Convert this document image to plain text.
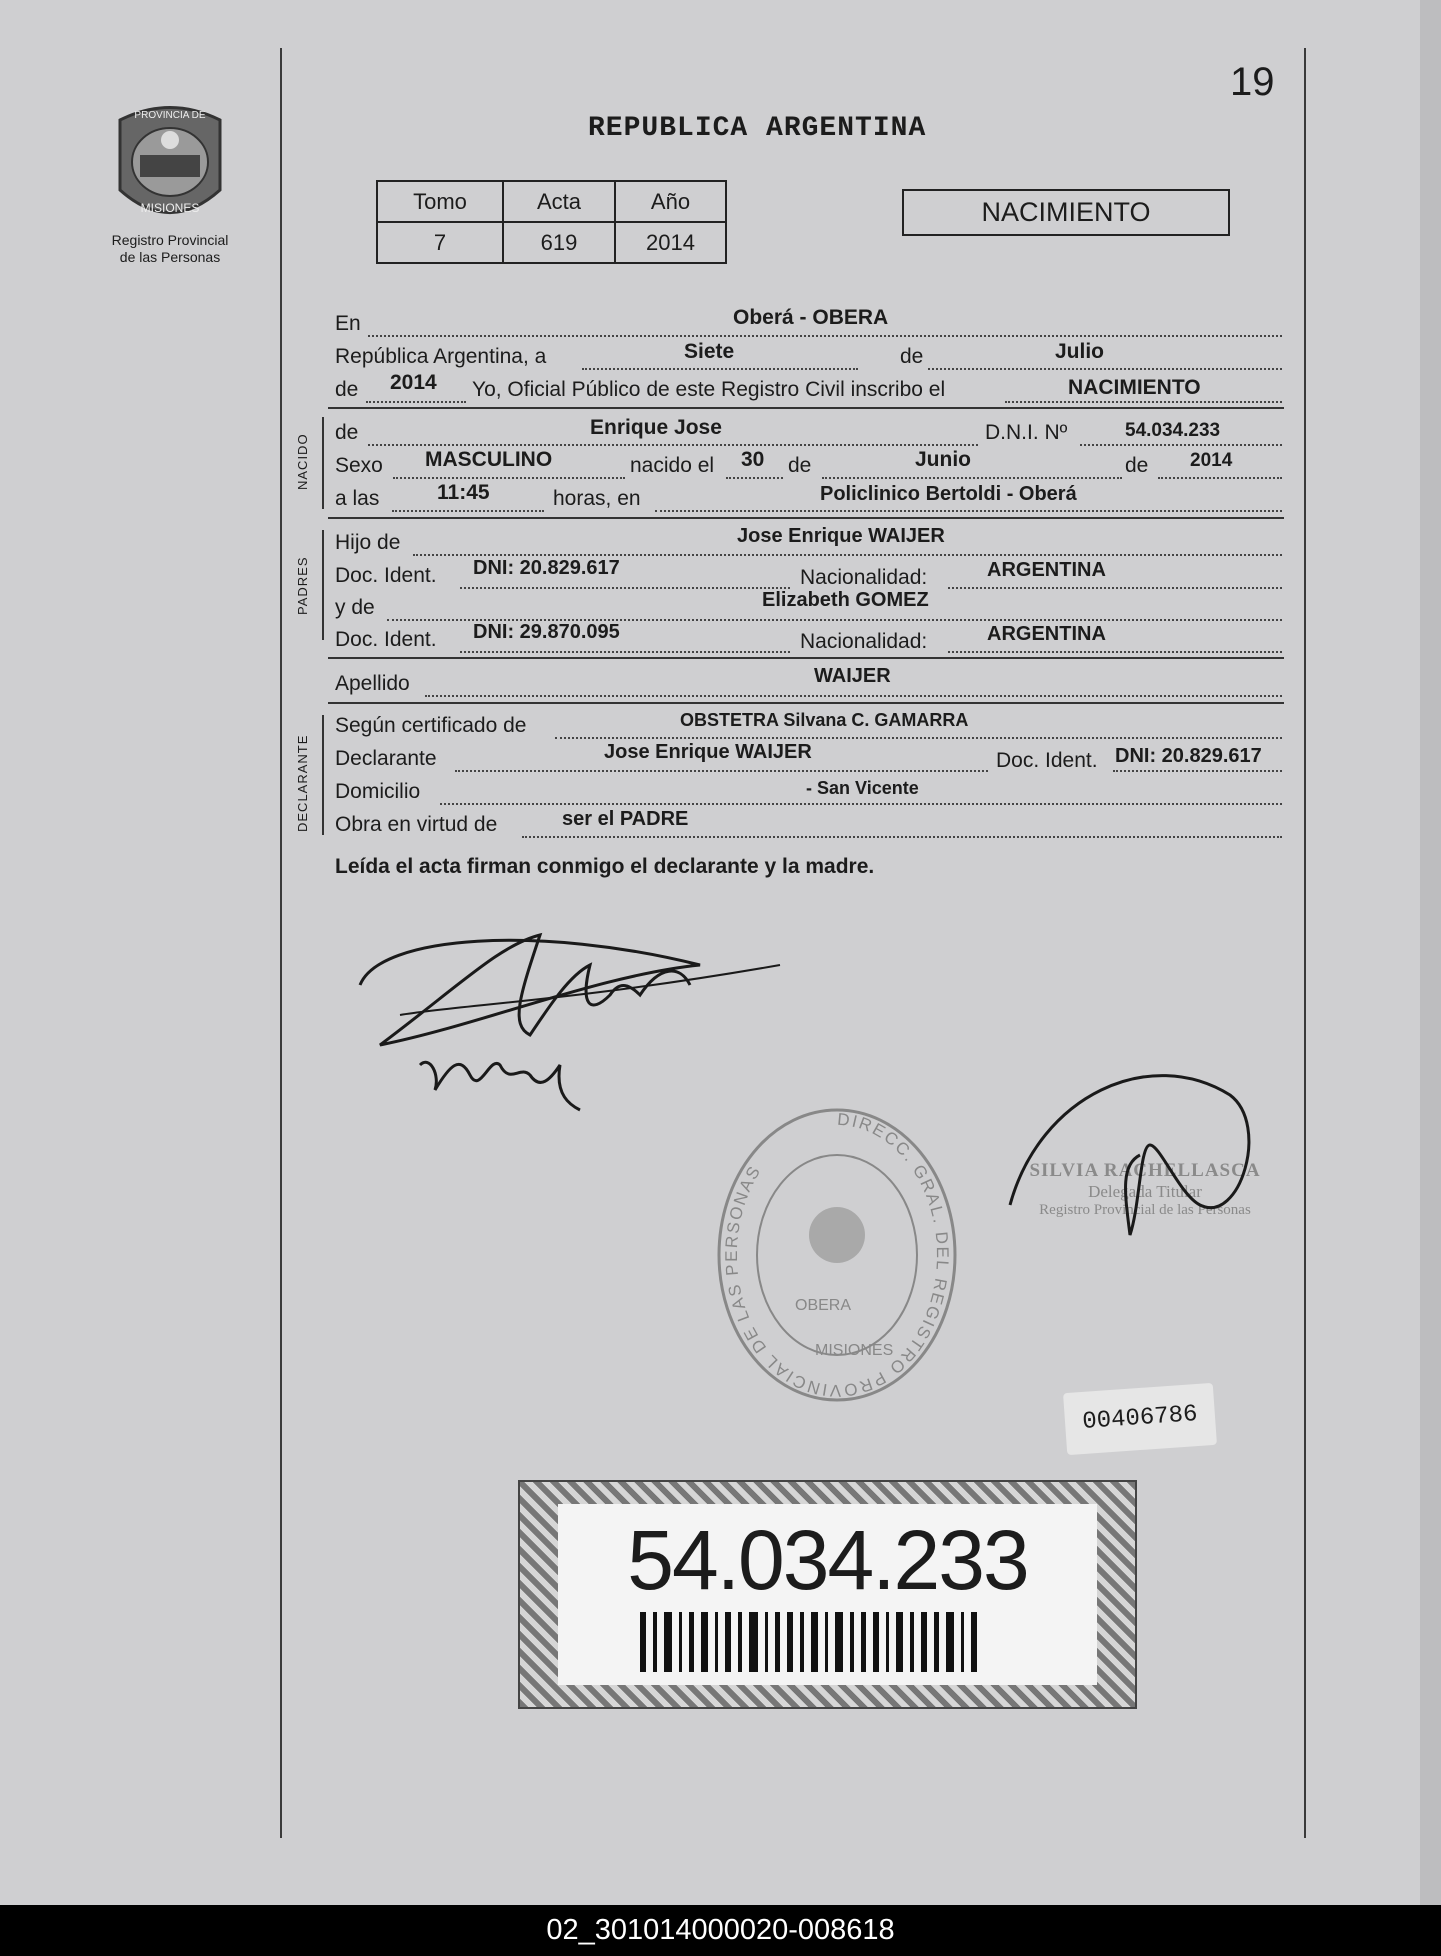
PROVINCIA DE
MISIONES
Registro Provincial
de las Personas
19
REPUBLICA ARGENTINA
Tomo	Acta	Año
7	619	2014
NACIMIENTO
En	Oberá - OBERA
República Argentina, a	Siete	de	Julio
de 2014 Yo, Oficial Público de este Registro Civil inscribo el	NACIMIENTO
NACIDO
de	Enrique Jose	D.N.I. Nº	54.034.233
Sexo MASCULINO	nacido el 30 de	Junio	de 2014
a las	11:45	horas, en	Policlinico Bertoldi - Oberá
PADRES
Hijo de	Jose Enrique WAIJER
Doc. Ident. DNI: 20.829.617	Nacionalidad:	ARGENTINA
y de	Elizabeth GOMEZ
Doc. Ident. DNI: 29.870.095	Nacionalidad:	ARGENTINA
Apellido	WAIJER
DECLARANTE
Según certificado de	OBSTETRA Silvana C. GAMARRA
Declarante	Jose Enrique WAIJER	Doc. Ident. DNI: 20.829.617
Domicilio	- San Vicente
Obra en virtud de	ser el PADRE
Leída el acta firman conmigo el declarante y la madre.
DIRECC. GRAL. DEL REGISTRO PROVINCIAL DE LAS PERSONAS
OBERA
MISIONES
SILVIA RACHELLASCA
Delegada Titular
Registro Provincial de las Personas
00406786
54.034.233
02_301014000020-008618
